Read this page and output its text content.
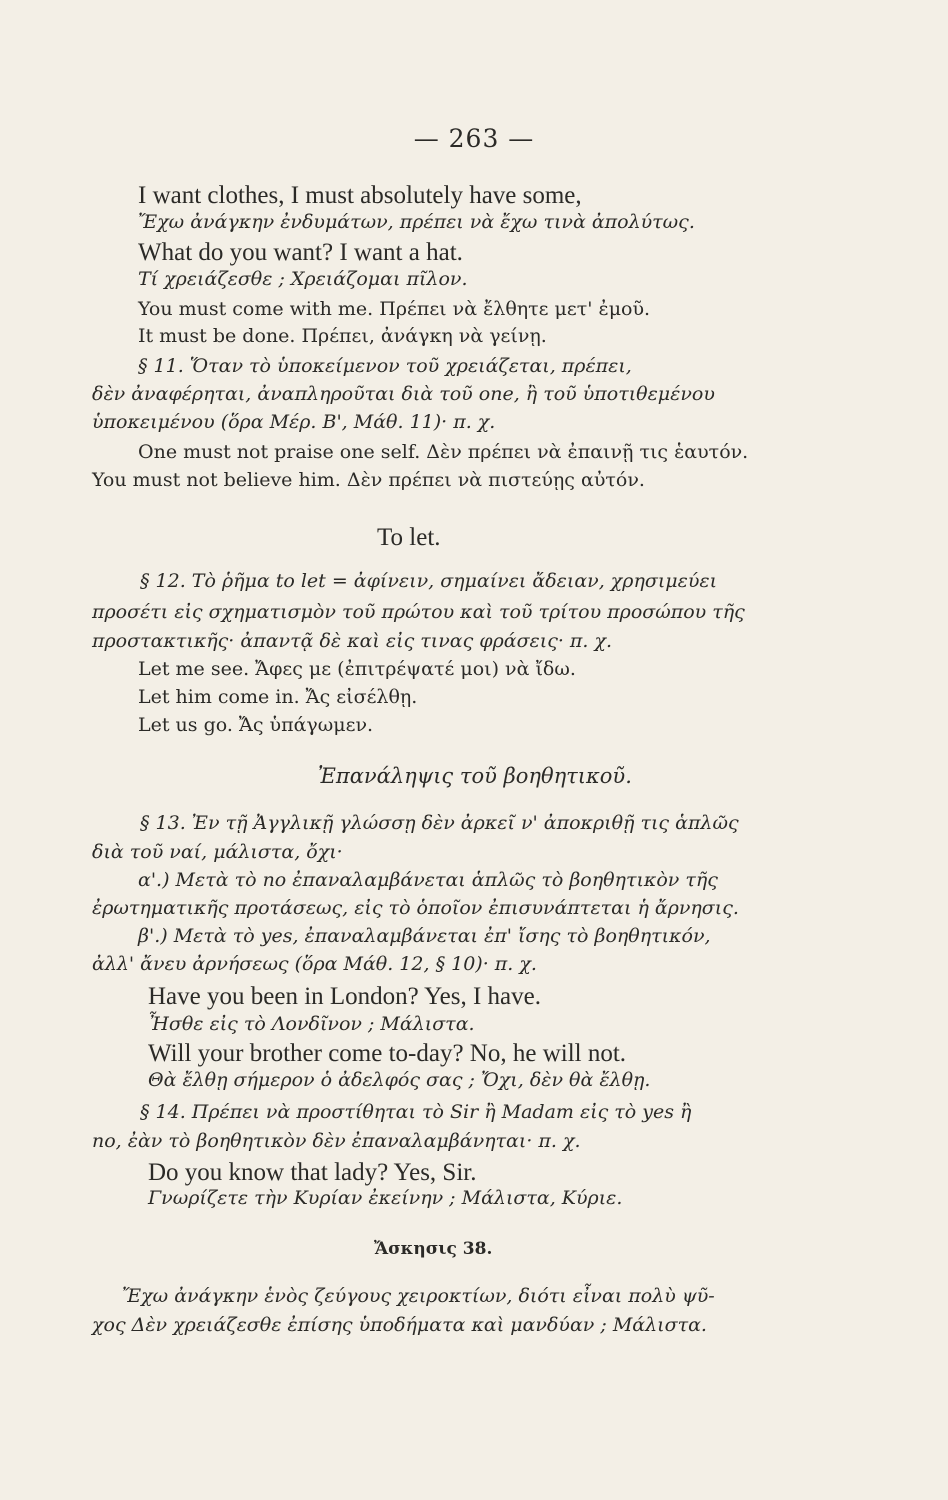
— 263 —
I want clothes, I must absolutely have some,
Ἔχω ἀνάγκην ἐνδυμάτων, πρέπει νὰ ἔχω τινὰ ἀπολύτως.
What do you want? I want a hat.
Τί χρειάζεσθε ; Χρειάζομαι πῖλον.
You must come with me. Πρέπει νὰ ἔλθητε μετ' ἐμοῦ.
It must be done. Πρέπει, ἀνάγκη νὰ γείνῃ.
§ 11. Ὅταν τὸ ὑποκείμενον τοῦ χρειάζεται, πρέπει,
δὲν ἀναφέρηται, ἀναπληροῦται διὰ τοῦ one, ἢ τοῦ ὑποτιθεμένου
ὑποκειμένου (ὅρα Μέρ. Β', Μάθ. 11)· π. χ.
One must not praise one self. Δὲν πρέπει νὰ ἐπαινῇ τις ἑαυτόν.
You must not believe him. Δὲν πρέπει νὰ πιστεύῃς αὐτόν.
To let.
§ 12. Τὸ ῥῆμα to let = ἀφίνειν, σημαίνει ἄδειαν, χρησιμεύει
προσέτι εἰς σχηματισμὸν τοῦ πρώτου καὶ τοῦ τρίτου προσώπου τῆς
προστακτικῆς· ἀπαντᾷ δὲ καὶ εἰς τινας φράσεις· π. χ.
Let me see. Ἄφες με (ἐπιτρέψατέ μοι) νὰ ἴδω.
Let him come in. Ἄς εἰσέλθῃ.
Let us go. Ἄς ὑπάγωμεν.
Ἐπανάληψις τοῦ βοηθητικοῦ.
§ 13. Ἐν τῇ Ἀγγλικῇ γλώσσῃ δὲν ἀρκεῖ ν' ἀποκριθῇ τις ἁπλῶς
διὰ τοῦ ναί, μάλιστα, ὄχι·
α'.) Μετὰ τὸ no ἐπαναλαμβάνεται ἁπλῶς τὸ βοηθητικὸν τῆς
ἐρωτηματικῆς προτάσεως, εἰς τὸ ὁποῖον ἐπισυνάπτεται ἡ ἄρνησις.
β'.) Μετὰ τὸ yes, ἐπαναλαμβάνεται ἐπ' ἴσης τὸ βοηθητικόν,
ἀλλ' ἄνευ ἀρνήσεως (ὅρα Μάθ. 12, § 10)· π. χ.
Have you been in London? Yes, I have.
Ἦσθε εἰς τὸ Λονδῖνον ; Μάλιστα.
Will your brother come to-day? No, he will not.
Θὰ ἔλθῃ σήμερον ὁ ἀδελφός σας ; Ὄχι, δὲν θὰ ἔλθῃ.
§ 14. Πρέπει νὰ προστίθηται τὸ Sir ἢ Madam εἰς τὸ yes ἢ
no, ἐὰν τὸ βοηθητικὸν δὲν ἐπαναλαμβάνηται· π. χ.
Do you know that lady? Yes, Sir.
Γνωρίζετε τὴν Κυρίαν ἐκείνην ; Μάλιστα, Κύριε.
Ἄσκησις 38.
Ἔχω ἀνάγκην ἑνὸς ζεύγους χειροκτίων, διότι εἶναι πολὺ ψῦ-
χος Δὲν χρειάζεσθε ἐπίσης ὑποδήματα καὶ μανδύαν ; Μάλιστα.
